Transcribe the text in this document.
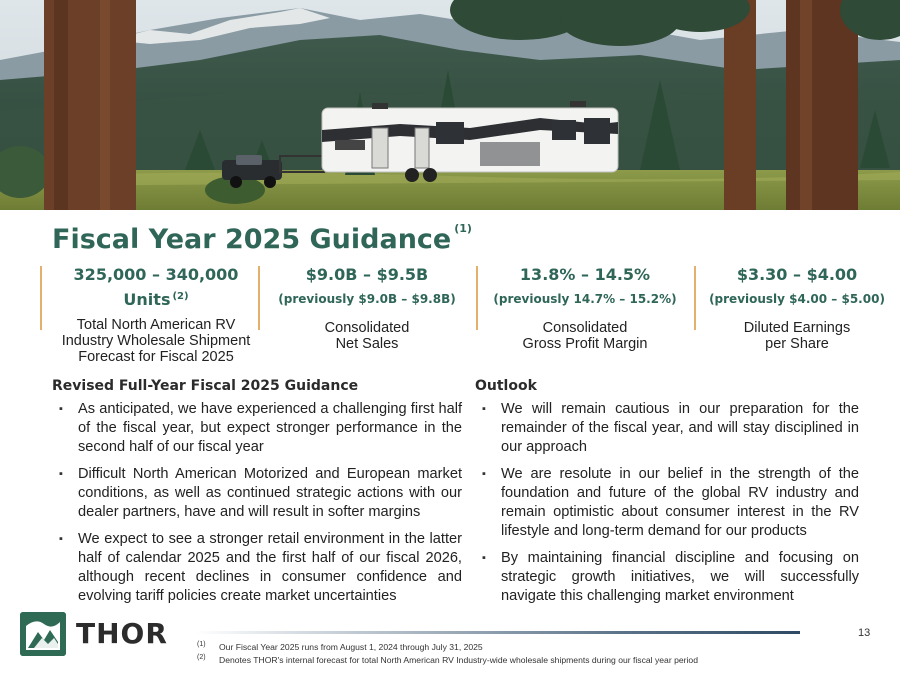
Fiscal Year 2025 Guidance $^{(1)}$
325,000 – 340,000
Units $^{(2)}$
Total North American RV
Industry Wholesale Shipment
Forecast for Fiscal 2025
$9.0B – $9.5B
(previously $9.0B – $9.8B)
Consolidated
Net Sales
13.8% – 14.5%
(previously 14.7% – 15.2%)
Consolidated
Gross Profit Margin
$3.30 – $4.00
(previously $4.00 – $5.00)
Diluted Earnings
per Share
Revised Full-Year Fiscal 2025 Guidance
▪ As anticipated, we have experienced a challenging first half of the fiscal year, but expect stronger performance in the second half of our fiscal year
▪ Difficult North American Motorized and European market conditions, as well as continued strategic actions with our dealer partners, have and will result in softer margins
▪ We expect to see a stronger retail environment in the latter half of calendar 2025 and the first half of our fiscal 2026, although recent declines in consumer confidence and evolving tariff policies create market uncertainties
Outlook
▪ We will remain cautious in our preparation for the remainder of the fiscal year, and will stay disciplined in our approach
▪ We are resolute in our belief in the strength of the foundation and future of the global RV industry and remain optimistic about consumer interest in the RV lifestyle and long-term demand for our products
▪ By maintaining financial discipline and focusing on strategic growth initiatives, we will successfully navigate this challenging market environment
THOR	13
(1) Our Fiscal Year 2025 runs from August 1, 2024 through July 31, 2025
(2) Denotes THOR's internal forecast for total North American RV Industry-wide wholesale shipments during our fiscal year period
